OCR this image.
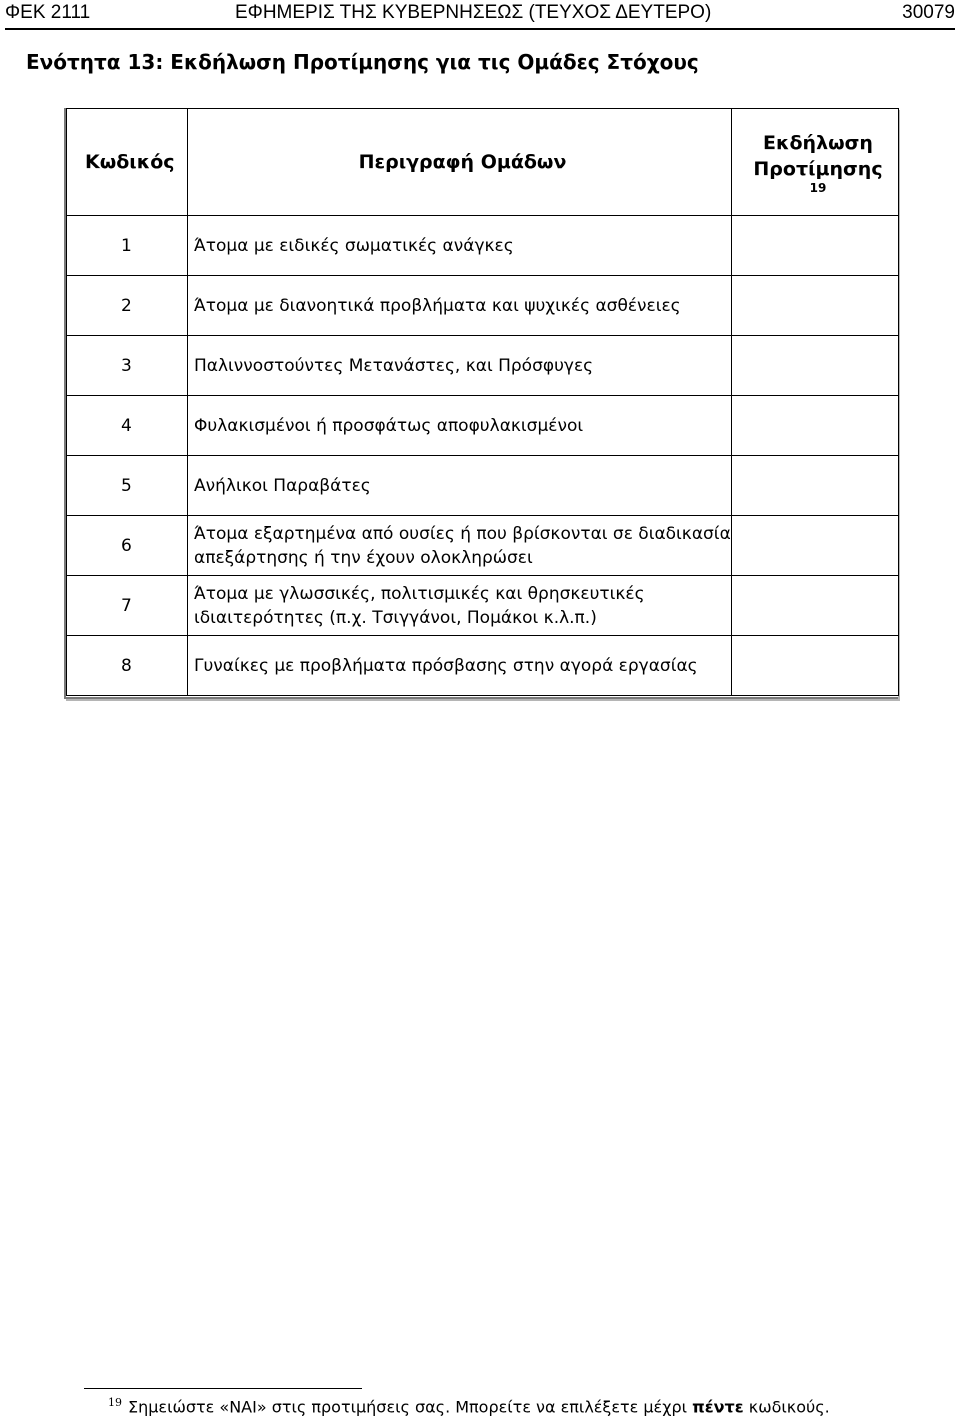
ΦΕΚ 2111	ΕΦΗΜΕΡΙΣ ΤΗΣ ΚΥΒΕΡΝΗΣΕΩΣ (ΤΕΥΧΟΣ ΔΕΥΤΕΡΟ)	30079
Ενότητα 13: Εκδήλωση Προτίμησης για τις Ομάδες Στόχους
Κωδικός	Περιγραφή Ομάδων	Εκδήλωση Προτίμησης
19

1	Άτομα με ειδικές σωματικές ανάγκες	
2	Άτομα με διανοητικά προβλήματα και ψυχικές ασθένειες	
3	Παλιννοστούντες Μετανάστες, και Πρόσφυγες	
4	Φυλακισμένοι ή προσφάτως αποφυλακισμένοι	
5	Ανήλικοι Παραβάτες	
6	Άτομα εξαρτημένα από ουσίες ή που βρίσκονται σε διαδικασία απεξάρτησης ή την έχουν ολοκληρώσει	
7	Άτομα με γλωσσικές, πολιτισμικές και θρησκευτικές ιδιαιτερότητες (π.χ. Τσιγγάνοι, Πομάκοι κ.λ.π.)	
8	Γυναίκες με προβλήματα πρόσβασης στην αγορά εργασίας	
$^{19}$ Σημειώστε «ΝΑΙ» στις προτιμήσεις σας. Μπορείτε να επιλέξετε μέχρι πέντε κωδικούς.
